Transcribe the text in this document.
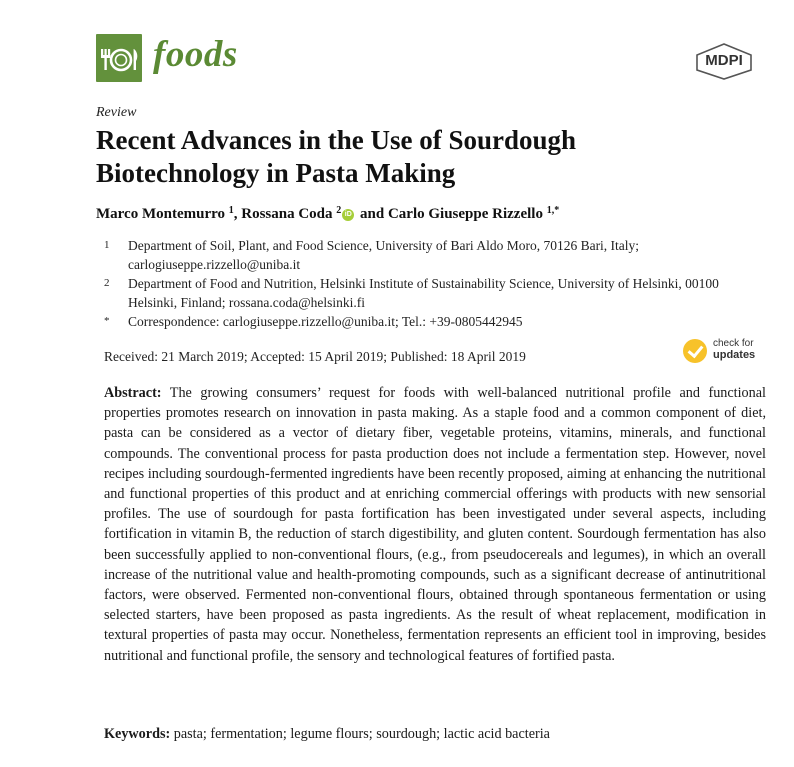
foods	MDPI
Review
Recent Advances in the Use of Sourdough Biotechnology in Pasta Making
Marco Montemurro $^1$, Rossana Coda $^2$ iD and Carlo Giuseppe Rizzello $^{1,*}$
1 Department of Soil, Plant, and Food Science, University of Bari Aldo Moro, 70126 Bari, Italy; carlogiuseppe.rizzello@uniba.it
2 Department of Food and Nutrition, Helsinki Institute of Sustainability Science, University of Helsinki, 00100 Helsinki, Finland; rossana.coda@helsinki.fi
* Correspondence: carlogiuseppe.rizzello@uniba.it; Tel.: +39-0805442945
Received: 21 March 2019; Accepted: 15 April 2019; Published: 18 April 2019
check for
updates
Abstract: The growing consumers’ request for foods with well-balanced nutritional profile and functional properties promotes research on innovation in pasta making. As a staple food and a common component of diet, pasta can be considered as a vector of dietary fiber, vegetable proteins, vitamins, minerals, and functional compounds. The conventional process for pasta production does not include a fermentation step. However, novel recipes including sourdough-fermented ingredients have been recently proposed, aiming at enhancing the nutritional and functional properties of this product and at enriching commercial offerings with products with new sensorial profiles. The use of sourdough for pasta fortification has been investigated under several aspects, including fortification in vitamin B, the reduction of starch digestibility, and gluten content. Sourdough fermentation has also been successfully applied to non-conventional flours, (e.g., from pseudocereals and legumes), in which an overall increase of the nutritional value and health-promoting compounds, such as a significant decrease of antinutritional factors, were observed. Fermented non-conventional flours, obtained through spontaneous fermentation or using selected starters, have been proposed as pasta ingredients. As the result of wheat replacement, modification in textural properties of pasta may occur. Nonetheless, fermentation represents an efficient tool in improving, besides nutritional and functional profile, the sensory and technological features of fortified pasta.
Keywords: pasta; fermentation; legume flours; sourdough; lactic acid bacteria
